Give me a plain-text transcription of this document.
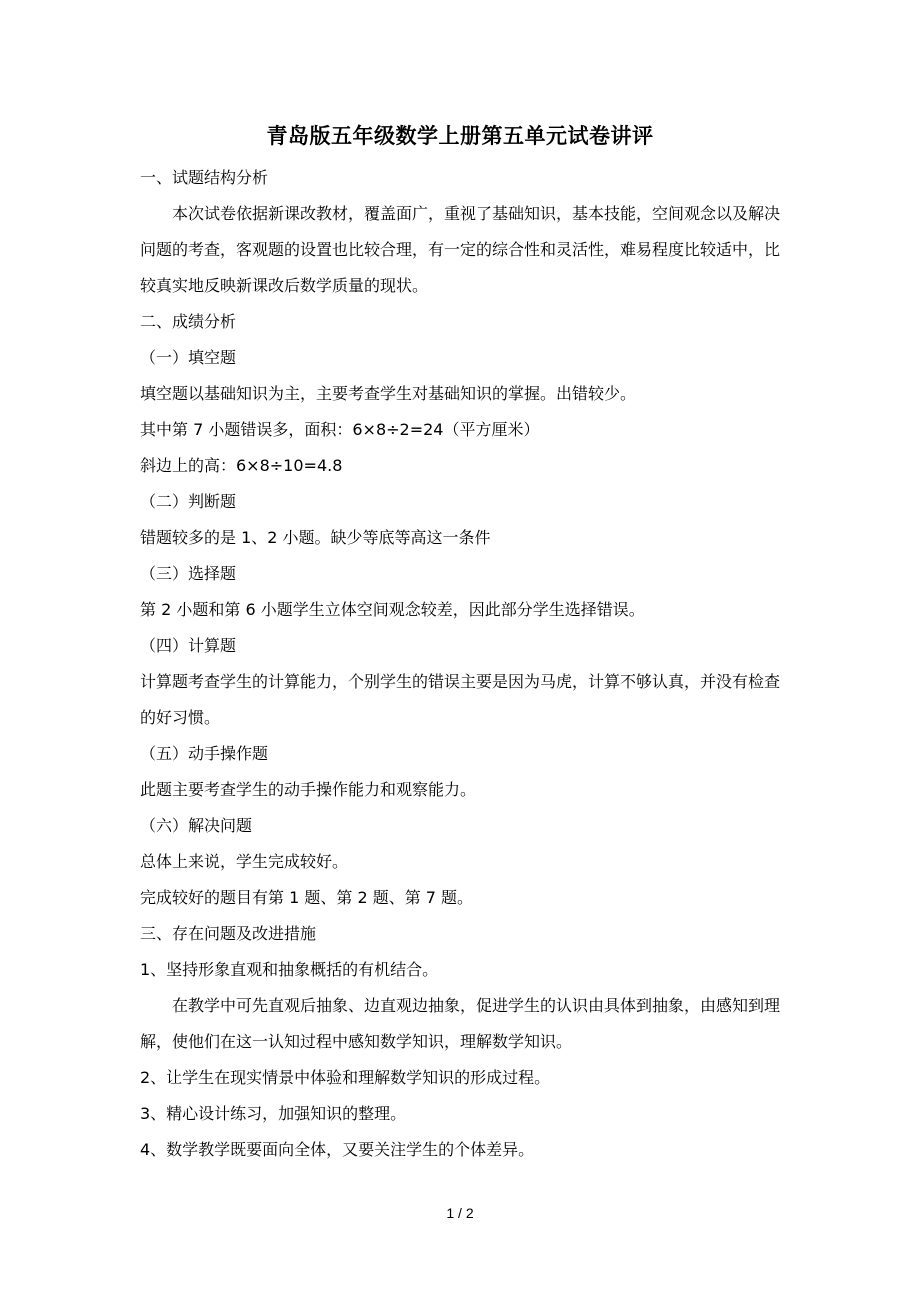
青岛版五年级数学上册第五单元试卷讲评

一、试题结构分析

本次试卷依据新课改教材，覆盖面广，重视了基础知识，基本技能，空间观念以及解决问题的考查，客观题的设置也比较合理，有一定的综合性和灵活性，难易程度比较适中，比较真实地反映新课改后数学质量的现状。

二、成绩分析

（一）填空题

填空题以基础知识为主，主要考查学生对基础知识的掌握。出错较少。

其中第 7 小题错误多，面积：6×8÷2=24（平方厘米）

斜边上的高：6×8÷10=4.8

（二）判断题

错题较多的是 1、2 小题。缺少等底等高这一条件

（三）选择题

第 2 小题和第 6 小题学生立体空间观念较差，因此部分学生选择错误。

（四）计算题

计算题考查学生的计算能力，个别学生的错误主要是因为马虎，计算不够认真，并没有检查的好习惯。

（五）动手操作题

此题主要考查学生的动手操作能力和观察能力。

（六）解决问题

总体上来说，学生完成较好。

完成较好的题目有第 1 题、第 2 题、第 7 题。

三、存在问题及改进措施

1、坚持形象直观和抽象概括的有机结合。

在教学中可先直观后抽象、边直观边抽象，促进学生的认识由具体到抽象，由感知到理解，使他们在这一认知过程中感知数学知识，理解数学知识。

2、让学生在现实情景中体验和理解数学知识的形成过程。

3、精心设计练习，加强知识的整理。

4、数学教学既要面向全体，又要关注学生的个体差异。

1 / 2
